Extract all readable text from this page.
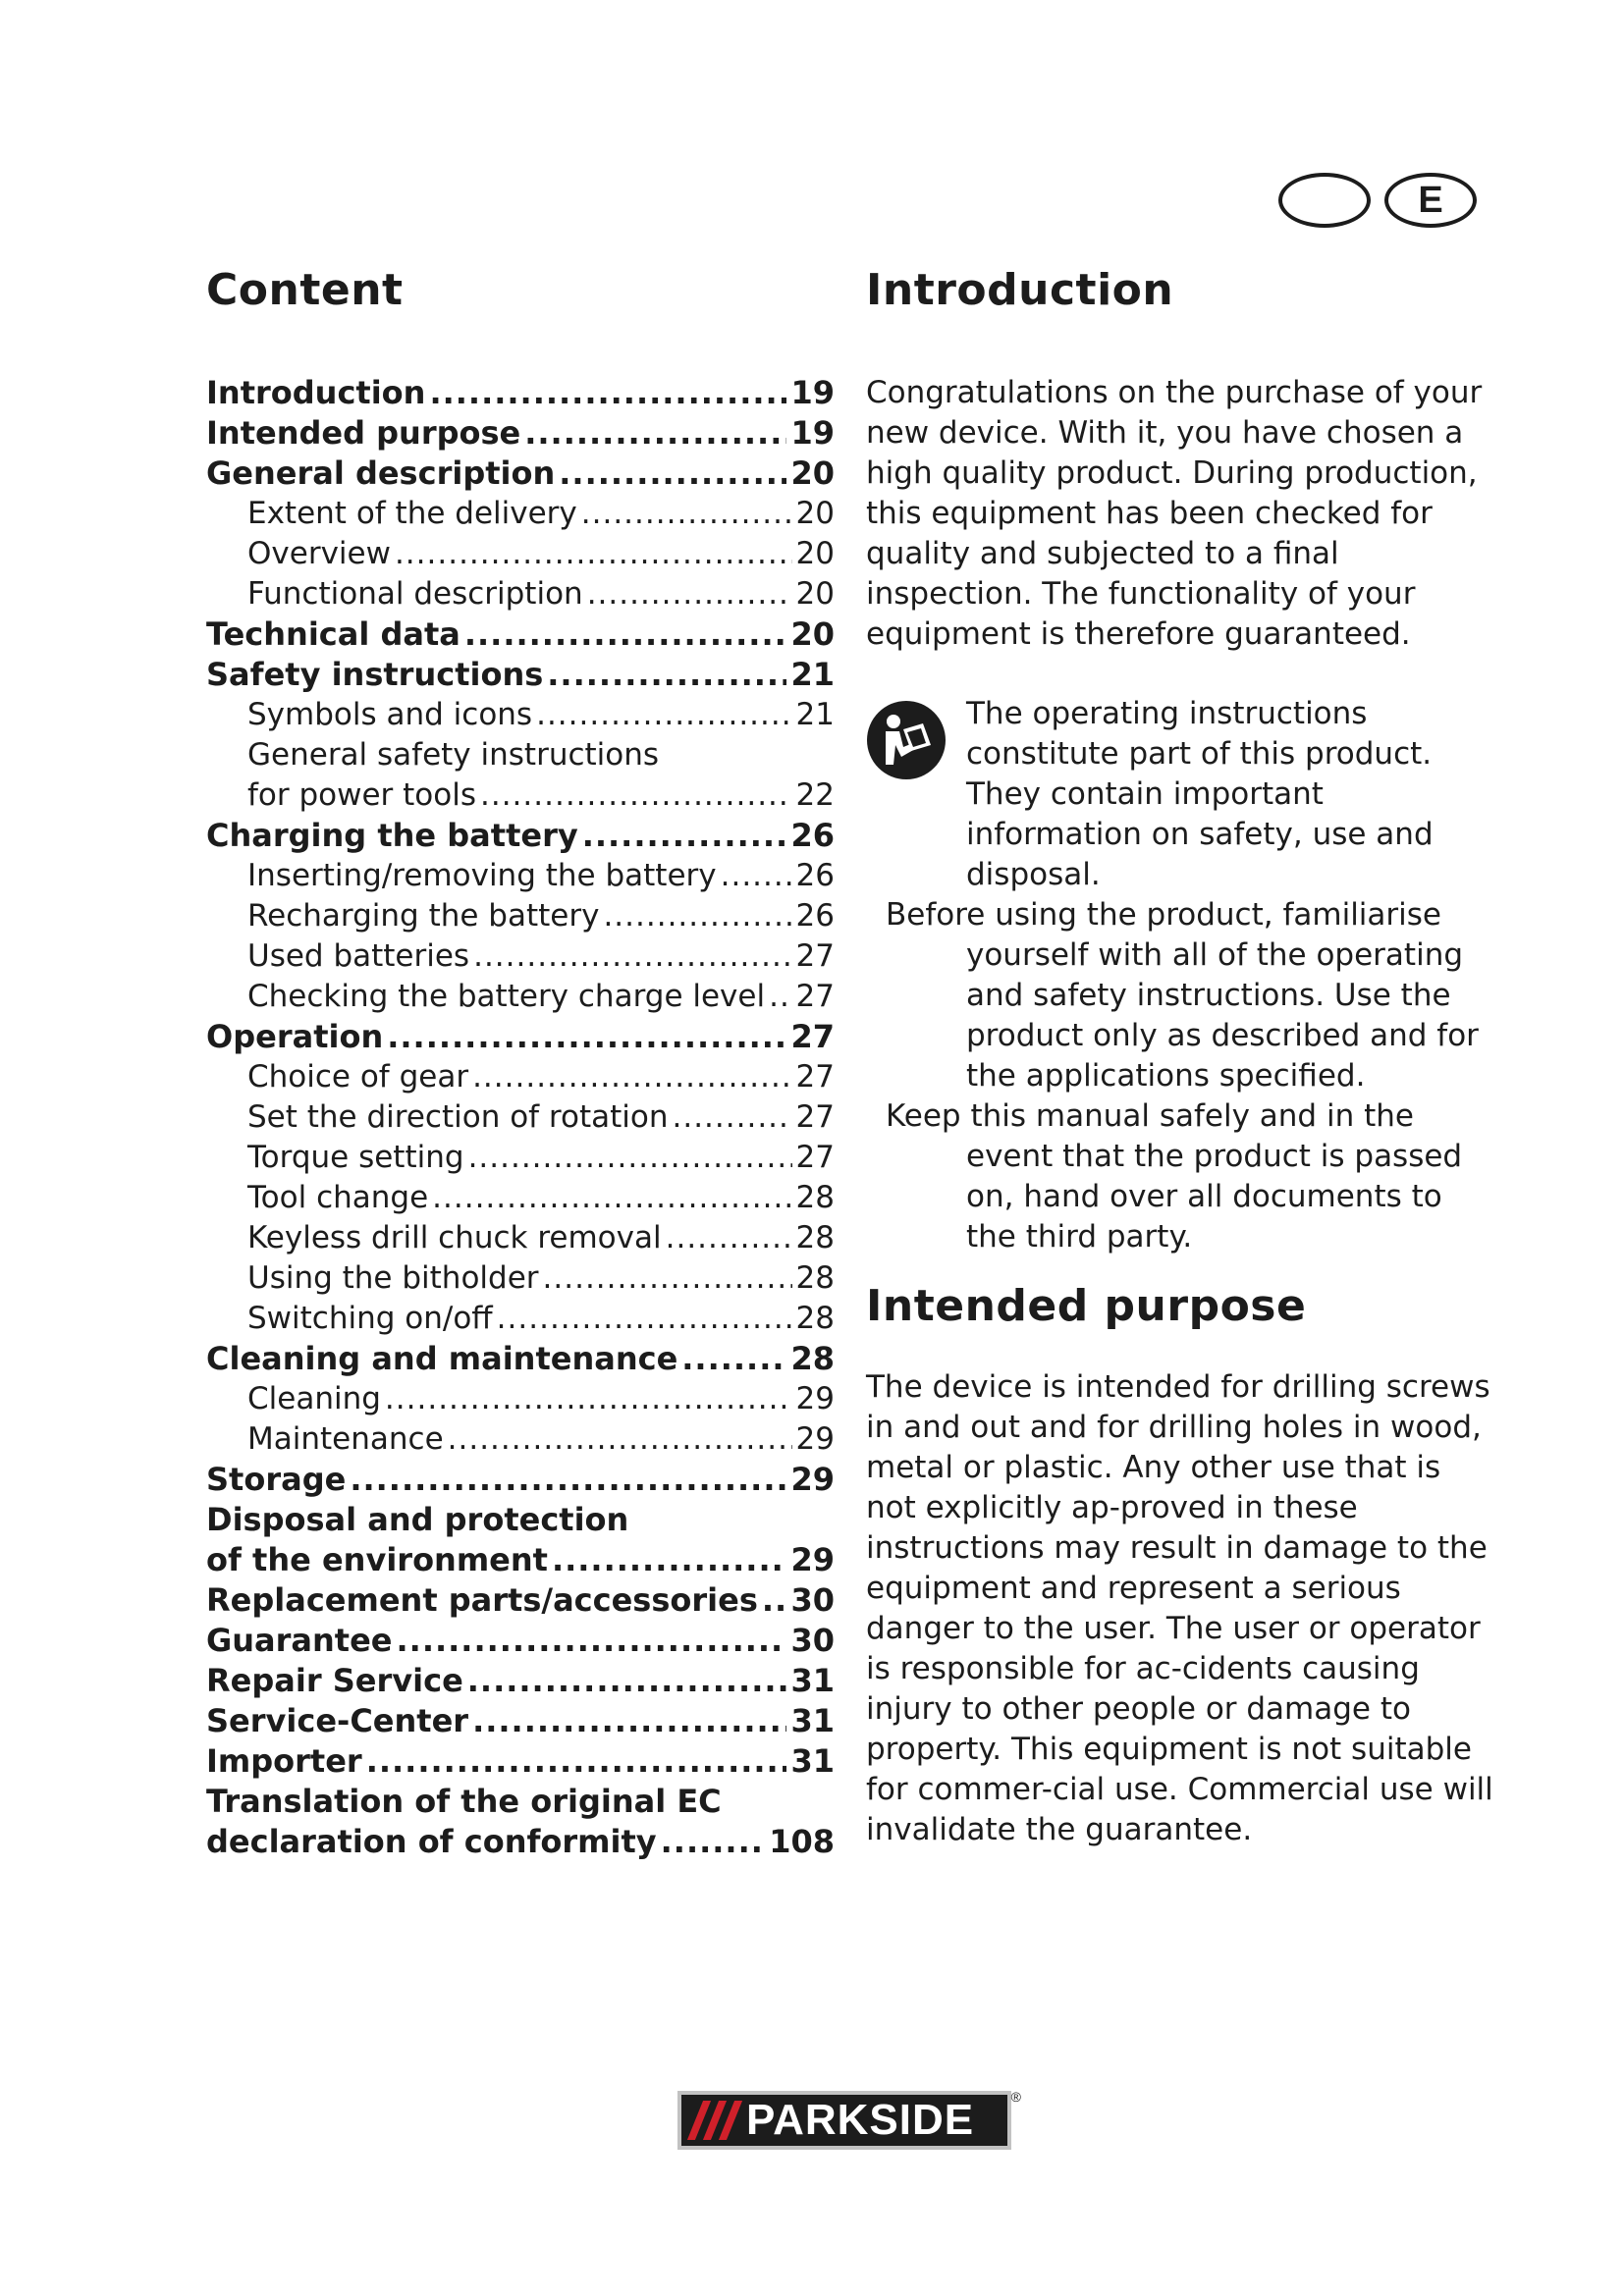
E
Content
Introduction .....	19
Intended purpose .....	19
General description .....	20
Extent of the delivery .....	20
Overview .....	20
Functional description .....	20
Technical data .....	20
Safety instructions .....	21
Symbols and icons .....	21
General safety instructions
for power tools .....	22
Charging the battery .....	26
Inserting/removing the battery .....	26
Recharging the battery .....	26
Used batteries .....	27
Checking the battery charge level ..... 27
Operation .....	27
Choice of gear .....	27
Set the direction of rotation .....	27
Torque setting .....	27
Tool change .....	28
Keyless drill chuck removal .....	28
Using the bitholder .....	28
Switching on/off .....	28
Cleaning and maintenance .....	28
Cleaning .....	29
Maintenance .....	29
Storage .....	29
Disposal and protection
of the environment .....	29
Replacement parts/accessories ..... 30
Guarantee .....	30
Repair Service .....	31
Service-Center .....	31
Importer .....	31
Translation of the original EC
declaration of conformity .....	108
Introduction

Congratulations on the purchase of your new device. With it, you have chosen a high quality product. During production, this equipment has been checked for quality and subjected to a final inspection. The functionality of your equipment is therefore guaranteed.

The operating instructions constitute part of this product. They contain important information on safety, use and disposal.

Before using the product, familiarise yourself with all of the operating and safety instructions. Use the product only as described and for the applications specified.

Keep this manual safely and in the event that the product is passed on, hand over all documents to the third party.

Intended purpose

The device is intended for drilling screws in and out and for drilling holes in wood, metal or plastic. Any other use that is not explicitly ap-proved in these instructions may result in damage to the equipment and represent a serious danger to the user. The user or operator is responsible for ac-cidents causing injury to other people or damage to property. This equipment is not suitable for commer-cial use. Commercial use will invalidate the guarantee.

PARKSIDE	®
